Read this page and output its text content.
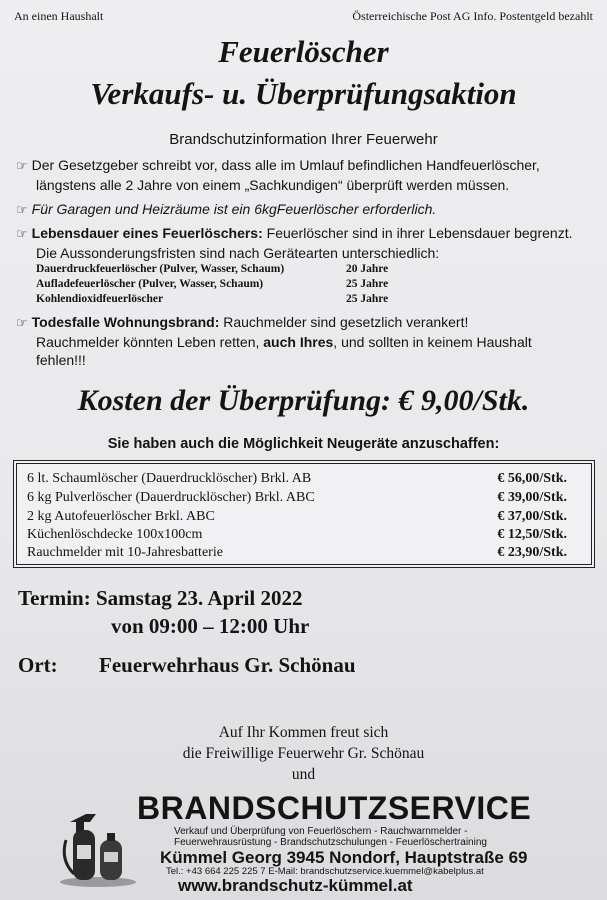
An einen Haushalt	Österreichische Post AG Info. Postentgeld bezahlt
Feuerlöscher
Verkaufs- u. Überprüfungsaktion
Brandschutzinformation Ihrer Feuerwehr
☞ Der Gesetzgeber schreibt vor, dass alle im Umlauf befindlichen Handfeuerlöscher,
längstens alle 2 Jahre von einem „Sachkundigen“ überprüft werden müssen.
☞ Für Garagen und Heizräume ist ein 6kgFeuerlöscher erforderlich.
☞ Lebensdauer eines Feuerlöschers: Feuerlöscher sind in ihrer Lebensdauer begrenzt.
Die Aussonderungsfristen sind nach Gerätearten unterschiedlich:
Dauerdruckfeuerlöscher (Pulver, Wasser, Schaum)	20 Jahre
Aufladefeuerlöscher (Pulver, Wasser, Schaum)	25 Jahre
Kohlendioxidfeuerlöscher	25 Jahre
☞ Todesfalle Wohnungsbrand: Rauchmelder sind gesetzlich verankert!
Rauchmelder könnten Leben retten, auch Ihres, und sollten in keinem Haushalt
fehlen!!!
Kosten der Überprüfung: € 9,00/Stk.
Sie haben auch die Möglichkeit Neugeräte anzuschaffen:
6 lt. Schaumlöscher (Dauerdrucklöscher) Brkl. AB	€ 56,00/Stk.
6 kg Pulverlöscher (Dauerdrucklöscher) Brkl. ABC	€ 39,00/Stk.
2 kg Autofeuerlöscher Brkl. ABC	€ 37,00/Stk.
Küchenlöschdecke 100x100cm	€ 12,50/Stk.
Rauchmelder mit 10-Jahresbatterie	€ 23,90/Stk.
Termin: Samstag 23. April 2022
von 09:00 – 12:00 Uhr
Ort: Feuerwehrhaus Gr. Schönau
Auf Ihr Kommen freut sich
die Freiwillige Feuerwehr Gr. Schönau
und
BRANDSCHUTZSERVICE
Verkauf und Überprüfung von Feuerlöschern - Rauchwarnmelder -
Feuerwehrausrüstung - Brandschutzschulungen - Feuerlöschertraining
Kümmel Georg 3945 Nondorf, Hauptstraße 69
Tel.: +43 664 225 225 7 E-Mail: brandschutzservice.kuemmel@kabelplus.at
www.brandschutz-kümmel.at
